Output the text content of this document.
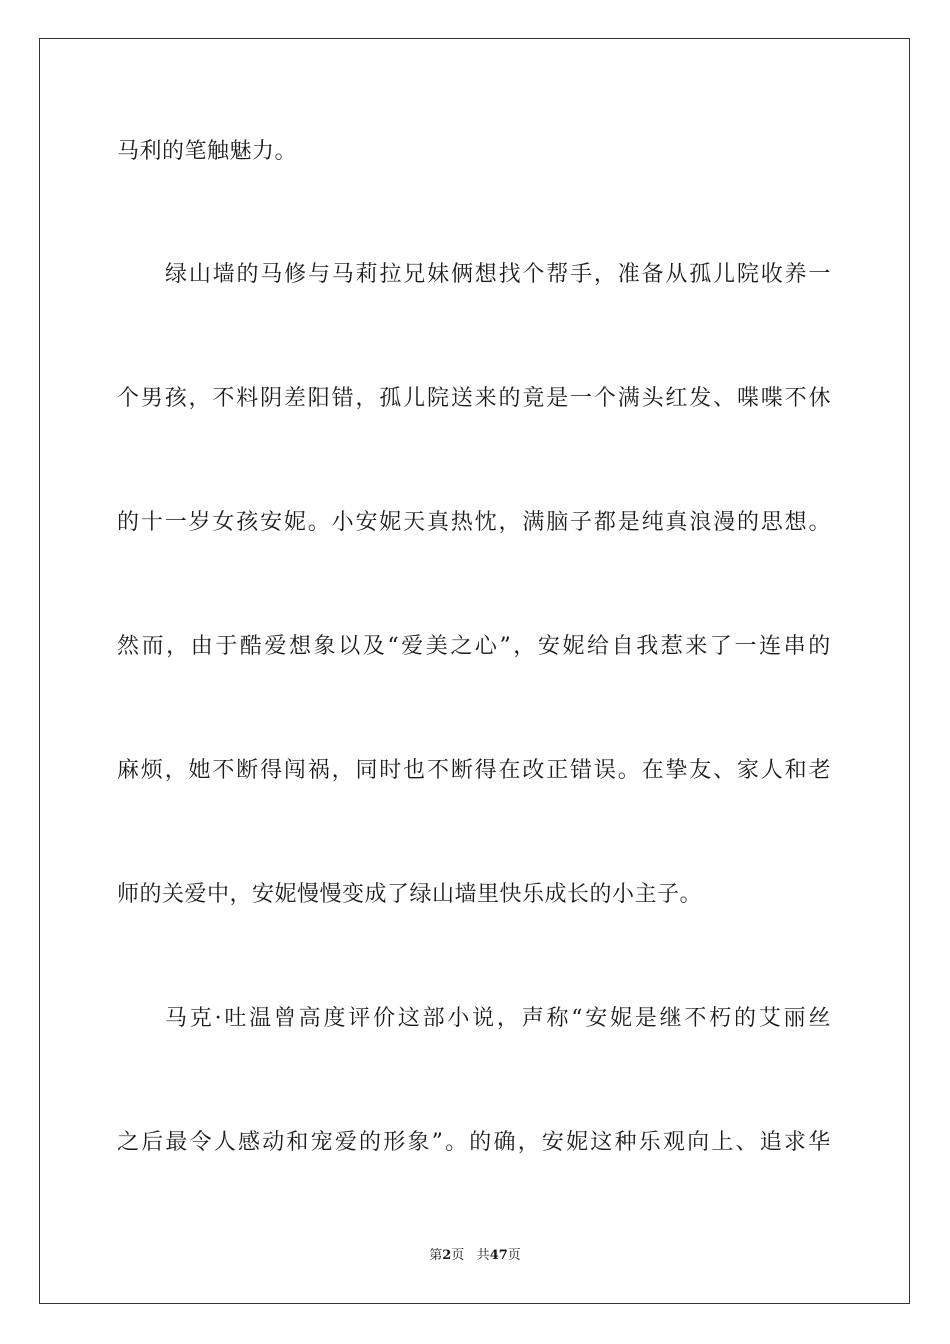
马利的笔触魅力。
绿 山 墙 的 马 修 与 马 莉 拉 兄 妹 俩 想 找 个 帮 手 ， 准 备 从 孤 儿 院 收 养 一
个 男 孩 ， 不 料 阴 差 阳 错 ， 孤 儿 院 送 来 的 竟 是 一 个 满 头 红 发 、 喋 喋 不 休
的 十 一 岁 女 孩 安 妮 。 小 安 妮 天 真 热 忱 ， 满 脑 子 都 是 纯 真 浪 漫 的 思 想 。
然 而 ， 由 于 酷 爱 想 象 以 及 “ 爱 美 之 心 ” ， 安 妮 给 自 我 惹 来 了 一 连 串 的
麻 烦 ， 她 不 断 得 闯 祸 ， 同 时 也 不 断 得 在 改 正 错 误 。 在 挚 友 、 家 人 和 老
师的关爱中，安妮慢慢变成了绿山墙里快乐成长的小主子。
马 克 · 吐 温 曾 高 度 评 价 这 部 小 说 ， 声 称 “ 安 妮 是 继 不 朽 的 艾 丽 丝
之 后 最 令 人 感 动 和 宠 爱 的 形 象 ” 。 的 确 ， 安 妮 这 种 乐 观 向 上 、 追 求 华
第2页 共47页
